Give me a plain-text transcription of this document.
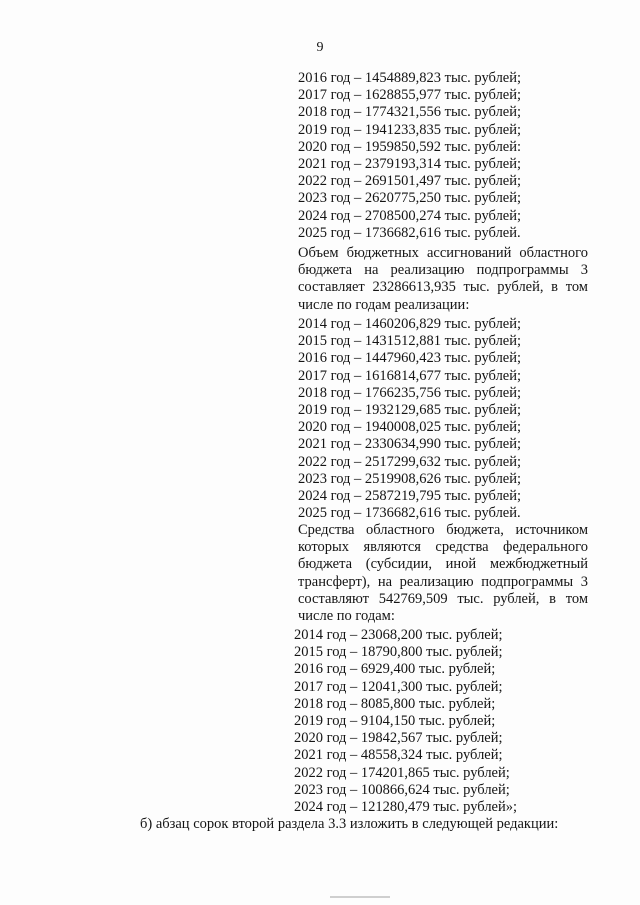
9
2016 год – 1454889,823 тыс. рублей;
2017 год – 1628855,977 тыс. рублей;
2018 год – 1774321,556 тыс. рублей;
2019 год – 1941233,835 тыс. рублей;
2020 год – 1959850,592 тыс. рублей:
2021 год – 2379193,314 тыс. рублей;
2022 год – 2691501,497 тыс. рублей;
2023 год – 2620775,250 тыс. рублей;
2024 год – 2708500,274 тыс. рублей;
2025 год – 1736682,616 тыс. рублей.
Объем бюджетных ассигнований областного бюджета на реализацию подпрограммы 3 составляет 23286613,935 тыс. рублей, в том числе по годам реализации:
2014 год – 1460206,829 тыс. рублей;
2015 год – 1431512,881 тыс. рублей;
2016 год – 1447960,423 тыс. рублей;
2017 год – 1616814,677 тыс. рублей;
2018 год – 1766235,756 тыс. рублей;
2019 год – 1932129,685 тыс. рублей;
2020 год – 1940008,025 тыс. рублей;
2021 год – 2330634,990 тыс. рублей;
2022 год – 2517299,632 тыс. рублей;
2023 год – 2519908,626 тыс. рублей;
2024 год – 2587219,795 тыс. рублей;
2025 год – 1736682,616 тыс. рублей.
Средства областного бюджета, источником которых являются средства федерального бюджета (субсидии, иной межбюджетный трансферт), на реализацию подпрограммы 3 составляют 542769,509 тыс. рублей, в том числе по годам:
2014 год – 23068,200 тыс. рублей;
2015 год – 18790,800 тыс. рублей;
2016 год – 6929,400 тыс. рублей;
2017 год – 12041,300 тыс. рублей;
2018 год – 8085,800 тыс. рублей;
2019 год – 9104,150 тыс. рублей;
2020 год – 19842,567 тыс. рублей;
2021 год – 48558,324 тыс. рублей;
2022 год – 174201,865 тыс. рублей;
2023 год – 100866,624 тыс. рублей;
2024 год – 121280,479 тыс. рублей»;
б) абзац сорок второй раздела 3.3 изложить в следующей редакции:
